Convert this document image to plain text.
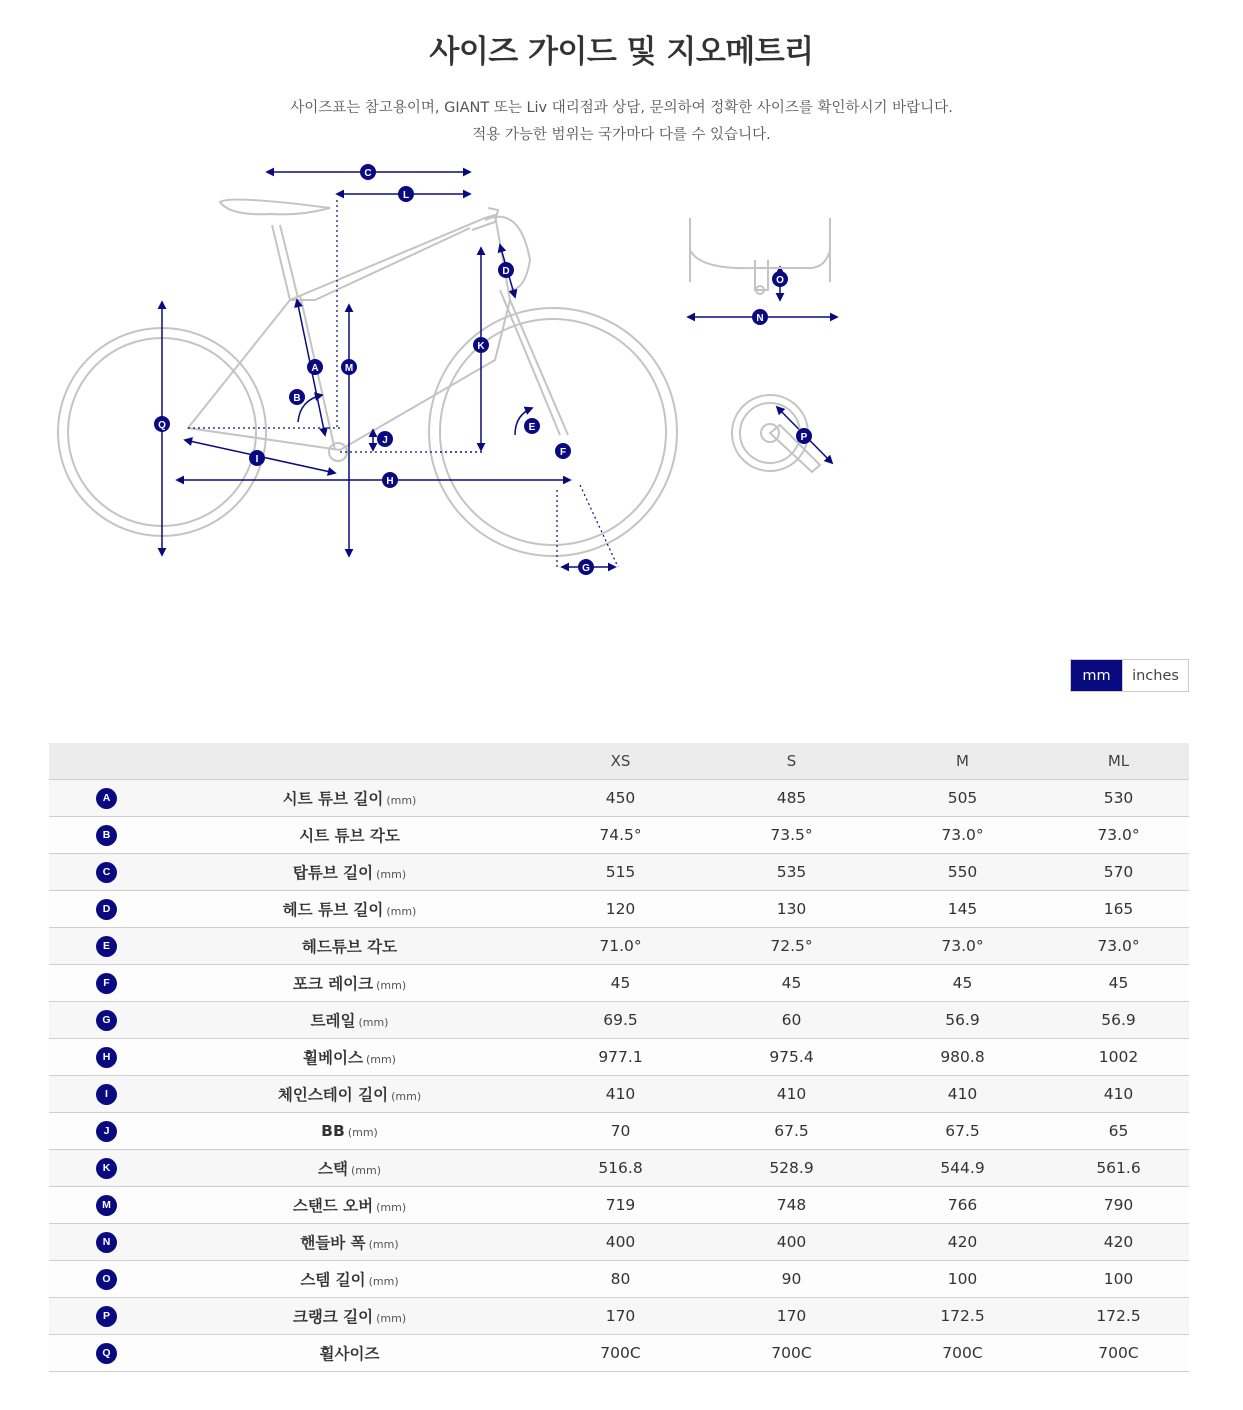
사이즈 가이드 및 지오메트리
사이즈표는 참고용이며, GIANT 또는 Liv 대리점과 상담, 문의하여 정확한 사이즈를 확인하시기 바랍니다.
적용 가능한 범위는 국가마다 다를 수 있습니다.
C
L
D
K
A	M
B
Q
J
E
F
I
H
G
O
N
P
mm	inches
		XS	S	M	ML
A	시트 튜브 길이 (mm)	450	485	505	530
B	시트 튜브 각도	74.5°	73.5°	73.0°	73.0°
C	탑튜브 길이 (mm)	515	535	550	570
D	헤드 튜브 길이 (mm)	120	130	145	165
E	헤드튜브 각도	71.0°	72.5°	73.0°	73.0°
F	포크 레이크 (mm)	45	45	45	45
G	트레일 (mm)	69.5	60	56.9	56.9
H	휠베이스 (mm)	977.1	975.4	980.8	1002
I	체인스테이 길이 (mm)	410	410	410	410
J	BB (mm)	70	67.5	67.5	65
K	스택 (mm)	516.8	528.9	544.9	561.6
M	스탠드 오버 (mm)	719	748	766	790
N	핸들바 폭 (mm)	400	400	420	420
O	스템 길이 (mm)	80	90	100	100
P	크랭크 길이 (mm)	170	170	172.5	172.5
Q	휠사이즈	700C	700C	700C	700C
